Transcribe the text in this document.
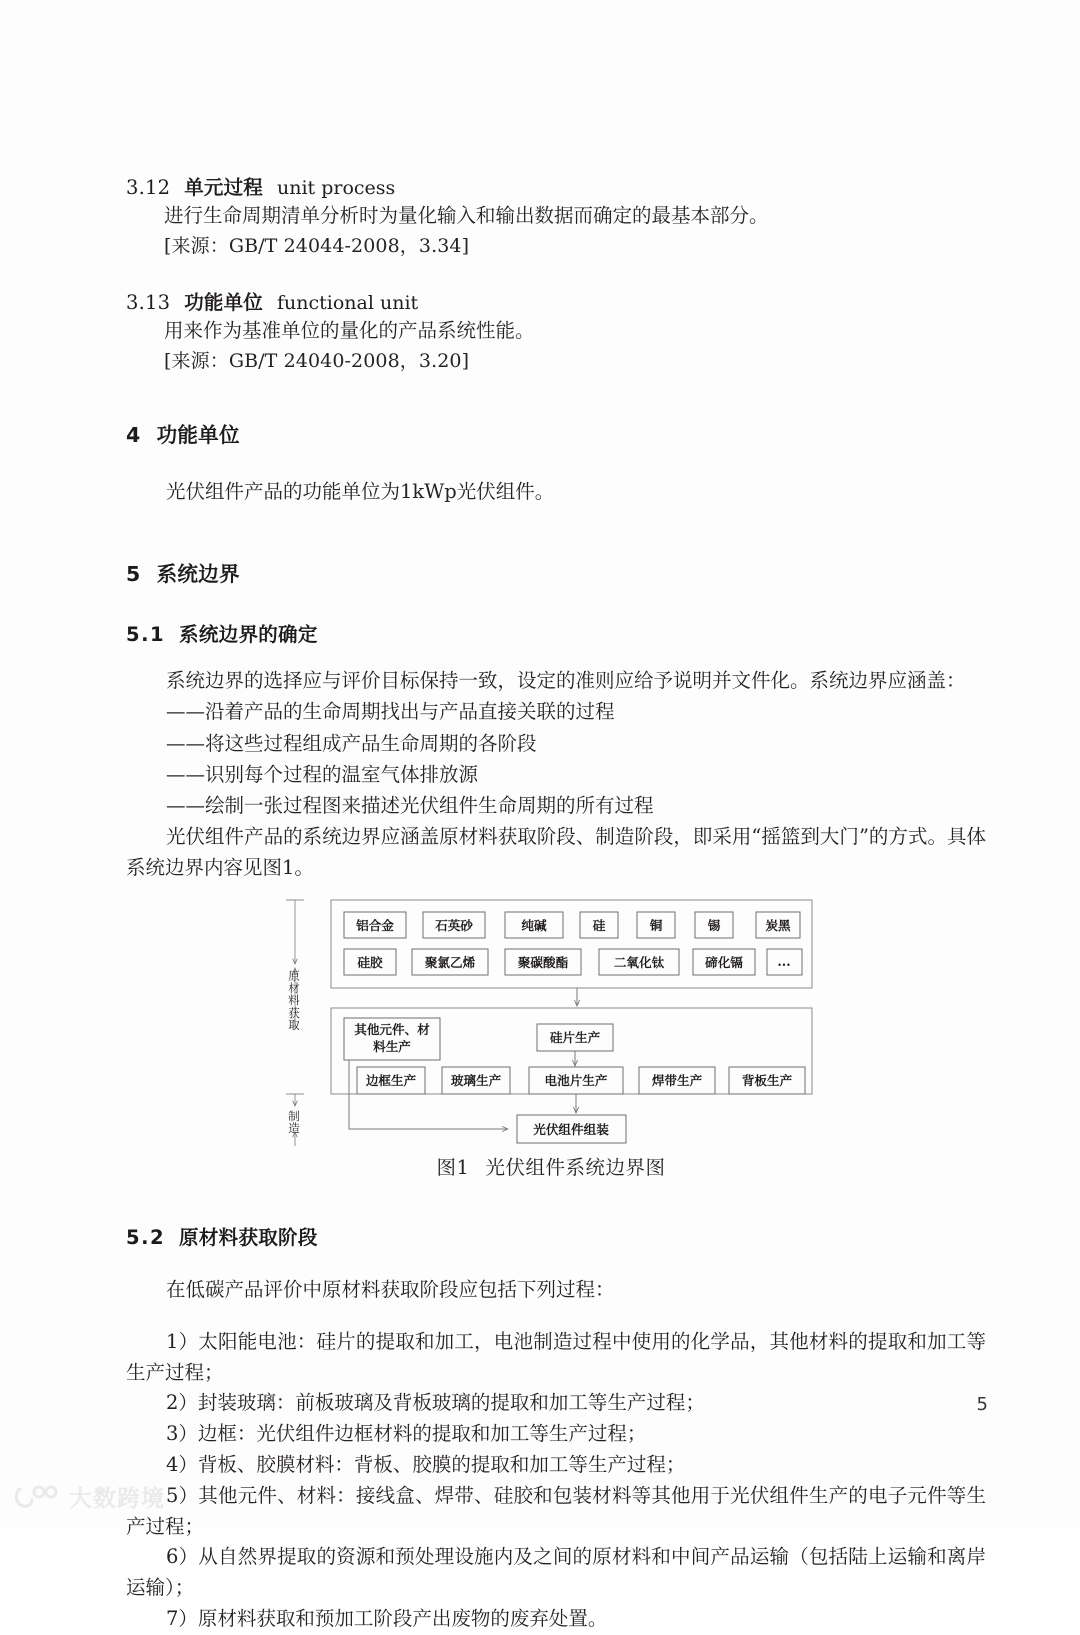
3.12 单元过程 unit process
进行生命周期清单分析时为量化输入和输出数据而确定的最基本部分。
[来源：GB/T 24044-2008，3.34]
3.13 功能单位 functional unit
用来作为基准单位的量化的产品系统性能。
[来源：GB/T 24040-2008，3.20]
4 功能单位
光伏组件产品的功能单位为1kWp光伏组件。
5 系统边界
5.1 系统边界的确定
系统边界的选择应与评价目标保持一致，设定的准则应给予说明并文件化。系统边界应涵盖：
——沿着产品的生命周期找出与产品直接关联的过程
——将这些过程组成产品生命周期的各阶段
——识别每个过程的温室气体排放源
——绘制一张过程图来描述光伏组件生命周期的所有过程
光伏组件产品的系统边界应涵盖原材料获取阶段、制造阶段，即采用“摇篮到大门”的方式。具体系统边界内容见图1。
原材料获取
制造
铝合金	石英砂	纯碱	硅	铜	锡	炭黑
硅胶	聚氯乙烯	聚碳酸酯	二氧化钛	碲化镉	...
其他元件、材
料生产
硅片生产
边框生产	玻璃生产	电池片生产	焊带生产	背板生产
光伏组件组装
图1 光伏组件系统边界图
5.2 原材料获取阶段
在低碳产品评价中原材料获取阶段应包括下列过程：
1）太阳能电池：硅片的提取和加工，电池制造过程中使用的化学品，其他材料的提取和加工等生产过程；
2）封装玻璃：前板玻璃及背板玻璃的提取和加工等生产过程；
3）边框：光伏组件边框材料的提取和加工等生产过程；
4）背板、胶膜材料：背板、胶膜的提取和加工等生产过程；
5）其他元件、材料：接线盒、焊带、硅胶和包装材料等其他用于光伏组件生产的电子元件等生产过程；
6）从自然界提取的资源和预处理设施内及之间的原材料和中间产品运输（包括陆上运输和离岸运输）；
7）原材料获取和预加工阶段产出废物的废弃处置。
5
大数跨境
